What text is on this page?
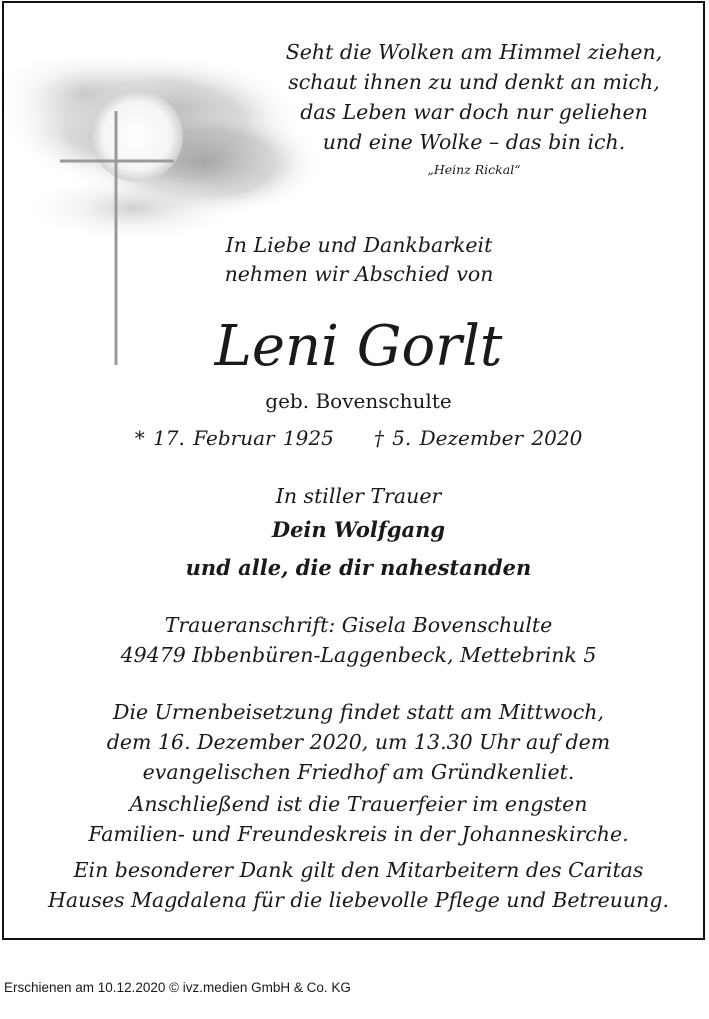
Seht die Wolken am Himmel ziehen,
schaut ihnen zu und denkt an mich,
das Leben war doch nur geliehen
und eine Wolke – das bin ich.
„Heinz Rickal“
In Liebe und Dankbarkeit
nehmen wir Abschied von
Leni Gorlt
geb. Bovenschulte
* 17. Februar 1925 † 5. Dezember 2020
In stiller Trauer
Dein Wolfgang
und alle, die dir nahestanden
Traueranschrift: Gisela Bovenschulte
49479 Ibbenbüren-Laggenbeck, Mettebrink 5
Die Urnenbeisetzung findet statt am Mittwoch,
dem 16. Dezember 2020, um 13.30 Uhr auf dem
evangelischen Friedhof am Gründkenliet.
Anschließend ist die Trauerfeier im engsten
Familien- und Freundeskreis in der Johanneskirche.
Ein besonderer Dank gilt den Mitarbeitern des Caritas
Hauses Magdalena für die liebevolle Pflege und Betreuung.
Erschienen am 10.12.2020 © ivz.medien GmbH & Co. KG
